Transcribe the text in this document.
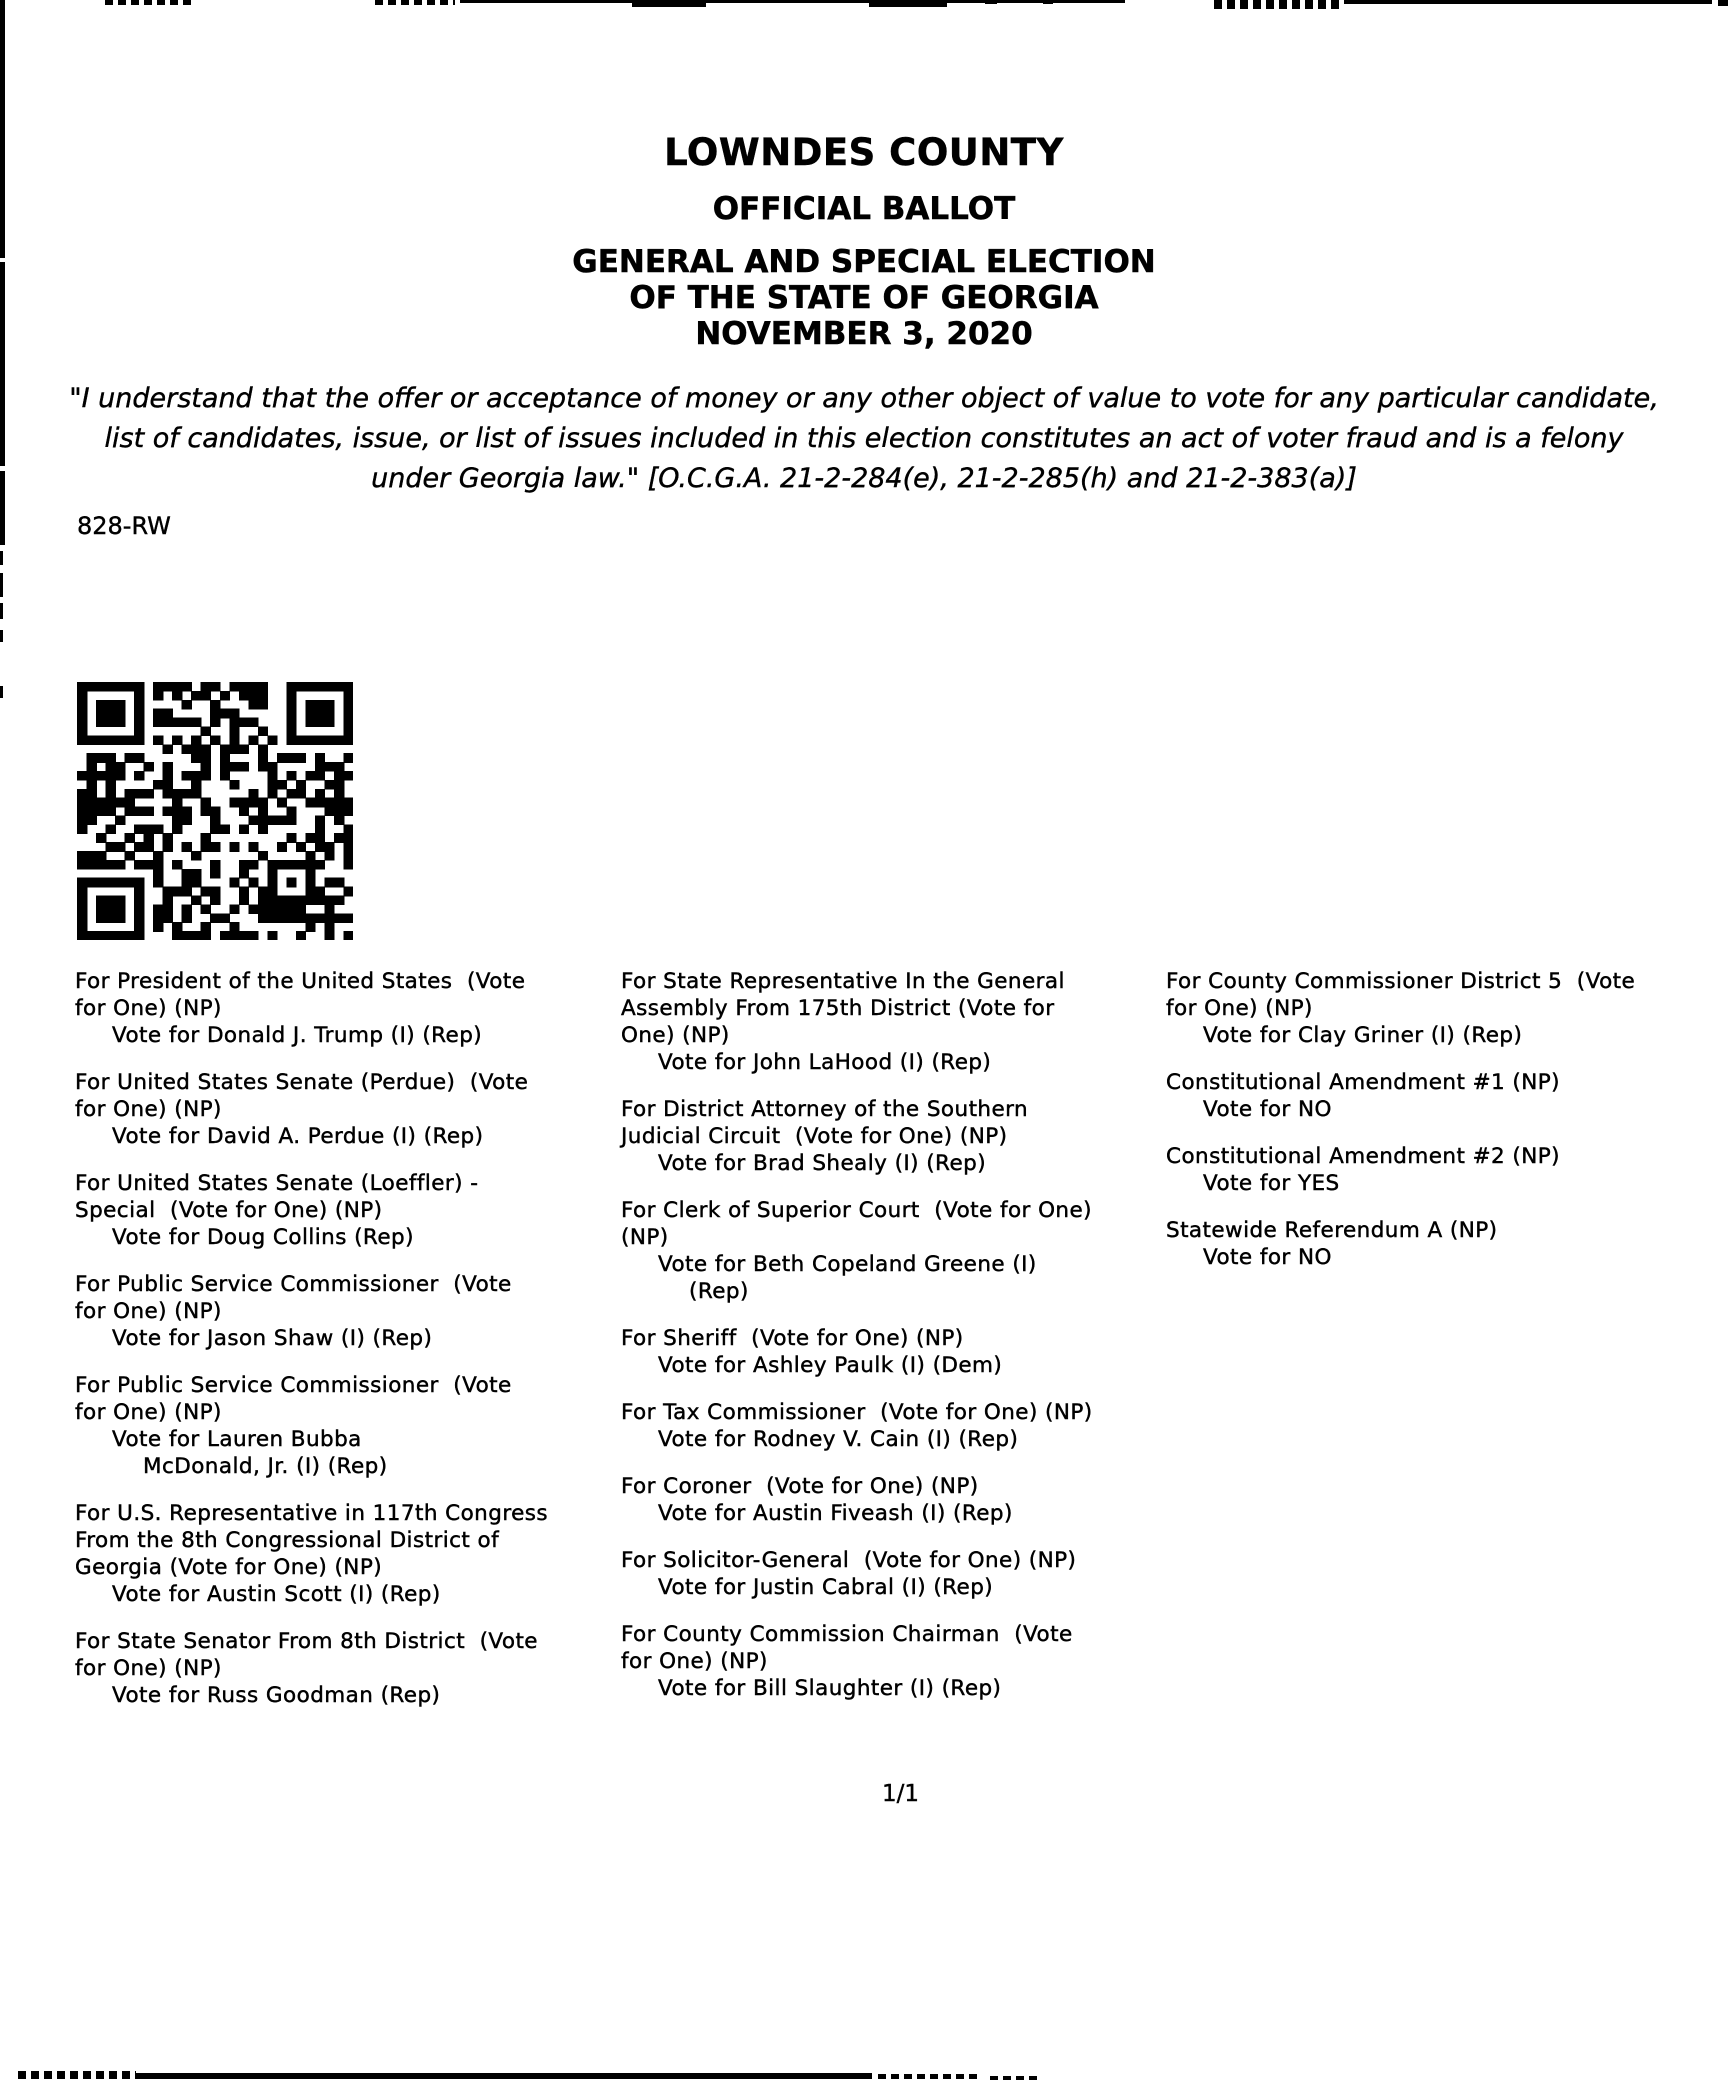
LOWNDES COUNTY
OFFICIAL BALLOT
GENERAL AND SPECIAL ELECTION
OF THE STATE OF GEORGIA
NOVEMBER 3, 2020
"I understand that the offer or acceptance of money or any other object of value to vote for any particular candidate,
list of candidates, issue, or list of issues included in this election constitutes an act of voter fraud and is a felony
under Georgia law." [O.C.G.A. 21-2-284(e), 21-2-285(h) and 21-2-383(a)]
828-RW
For President of the United States  (Vote
for One) (NP)
Vote for Donald J. Trump (I) (Rep)
For United States Senate (Perdue)  (Vote
for One) (NP)
Vote for David A. Perdue (I) (Rep)
For United States Senate (Loeffler) -
Special  (Vote for One) (NP)
Vote for Doug Collins (Rep)
For Public Service Commissioner  (Vote
for One) (NP)
Vote for Jason Shaw (I) (Rep)
For Public Service Commissioner  (Vote
for One) (NP)
Vote for Lauren Bubba
McDonald, Jr. (I) (Rep)
For U.S. Representative in 117th Congress
From the 8th Congressional District of
Georgia (Vote for One) (NP)
Vote for Austin Scott (I) (Rep)
For State Senator From 8th District  (Vote
for One) (NP)
Vote for Russ Goodman (Rep)
For State Representative In the General
Assembly From 175th District (Vote for
One) (NP)
Vote for John LaHood (I) (Rep)
For District Attorney of the Southern
Judicial Circuit  (Vote for One) (NP)
Vote for Brad Shealy (I) (Rep)
For Clerk of Superior Court  (Vote for One)
(NP)
Vote for Beth Copeland Greene (I)
(Rep)
For Sheriff  (Vote for One) (NP)
Vote for Ashley Paulk (I) (Dem)
For Tax Commissioner  (Vote for One) (NP)
Vote for Rodney V. Cain (I) (Rep)
For Coroner  (Vote for One) (NP)
Vote for Austin Fiveash (I) (Rep)
For Solicitor-General  (Vote for One) (NP)
Vote for Justin Cabral (I) (Rep)
For County Commission Chairman  (Vote
for One) (NP)
Vote for Bill Slaughter (I) (Rep)
For County Commissioner District 5  (Vote
for One) (NP)
Vote for Clay Griner (I) (Rep)
Constitutional Amendment #1 (NP)
Vote for NO
Constitutional Amendment #2 (NP)
Vote for YES
Statewide Referendum A (NP)
Vote for NO
1/1
